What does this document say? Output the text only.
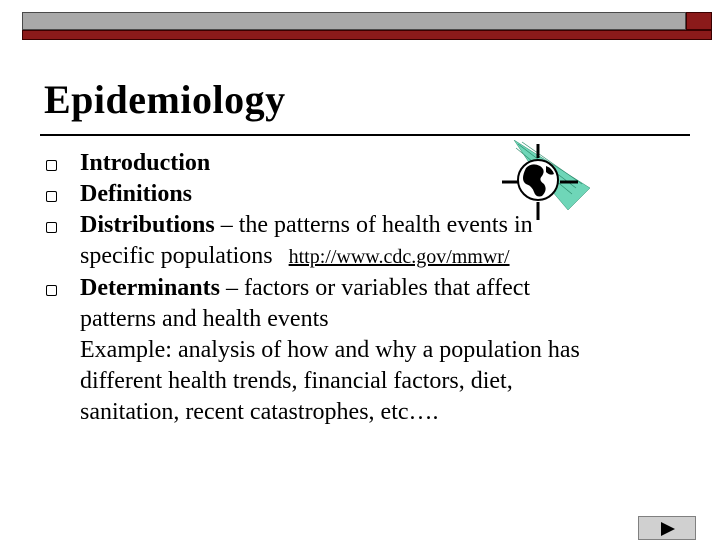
Epidemiology
Introduction
Definitions
Distributions – the patterns of health events in
specific populations http://www.cdc.gov/mmwr/
Determinants – factors or variables that affect
patterns and health events
Example: analysis of how and why a population has
different health trends, financial factors, diet,
sanitation, recent catastrophes, etc….
